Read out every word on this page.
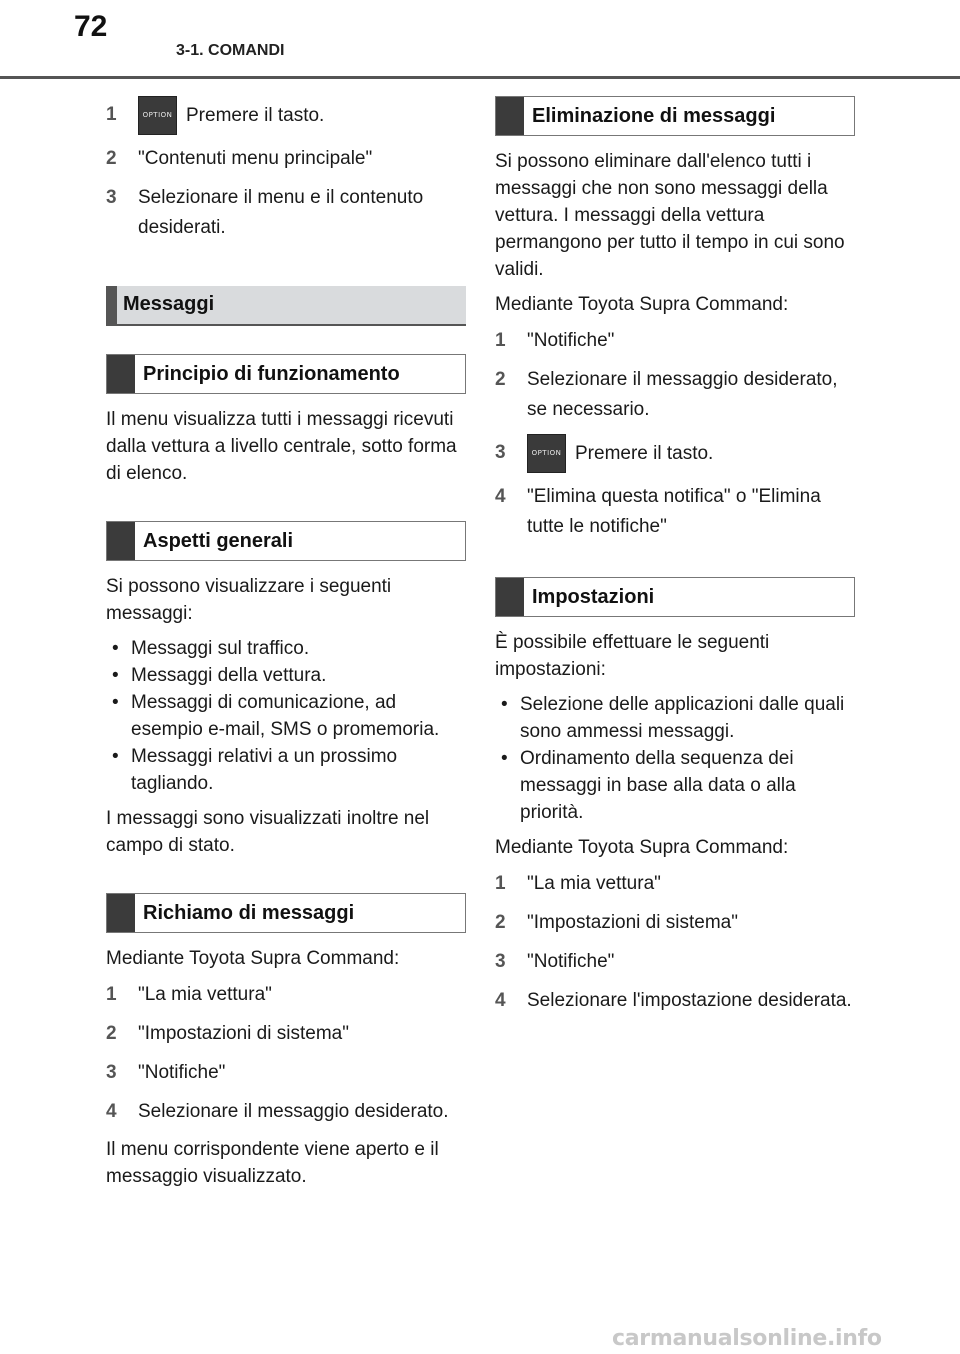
72
3-1. COMANDI
1	OPTION Premere il tasto.
2	"Contenuti menu principale"
3	Selezionare il menu e il contenuto desiderati.
Messaggi
Principio di funzionamento

Il menu visualizza tutti i messaggi ricevuti dalla vettura a livello centrale, sotto forma di elenco.

Aspetti generali

Si possono visualizzare i seguenti messaggi:

• Messaggi sul traffico.
• Messaggi della vettura.
• Messaggi di comunicazione, ad esempio e-mail, SMS o promemoria.
• Messaggi relativi a un prossimo tagliando.

I messaggi sono visualizzati inoltre nel campo di stato.

Richiamo di messaggi

Mediante Toyota Supra Command:

1	"La mia vettura"
2	"Impostazioni di sistema"
3	"Notifiche"
4	Selezionare il messaggio desiderato.

Il menu corrispondente viene aperto e il messaggio visualizzato.

Eliminazione di messaggi

Si possono eliminare dall'elenco tutti i messaggi che non sono messaggi della vettura. I messaggi della vettura permangono per tutto il tempo in cui sono validi.

Mediante Toyota Supra Command:

1	"Notifiche"
2	Selezionare il messaggio desiderato, se necessario.
3	OPTION Premere il tasto.
4	"Elimina questa notifica" o "Elimina tutte le notifiche"
Impostazioni

È possibile effettuare le seguenti impostazioni:

• Selezione delle applicazioni dalle quali sono ammessi messaggi.
• Ordinamento della sequenza dei messaggi in base alla data o alla priorità.

Mediante Toyota Supra Command:

1	"La mia vettura"
2	"Impostazioni di sistema"
3	"Notifiche"
4	Selezionare l'impostazione desiderata.
carmanualsonline.info
